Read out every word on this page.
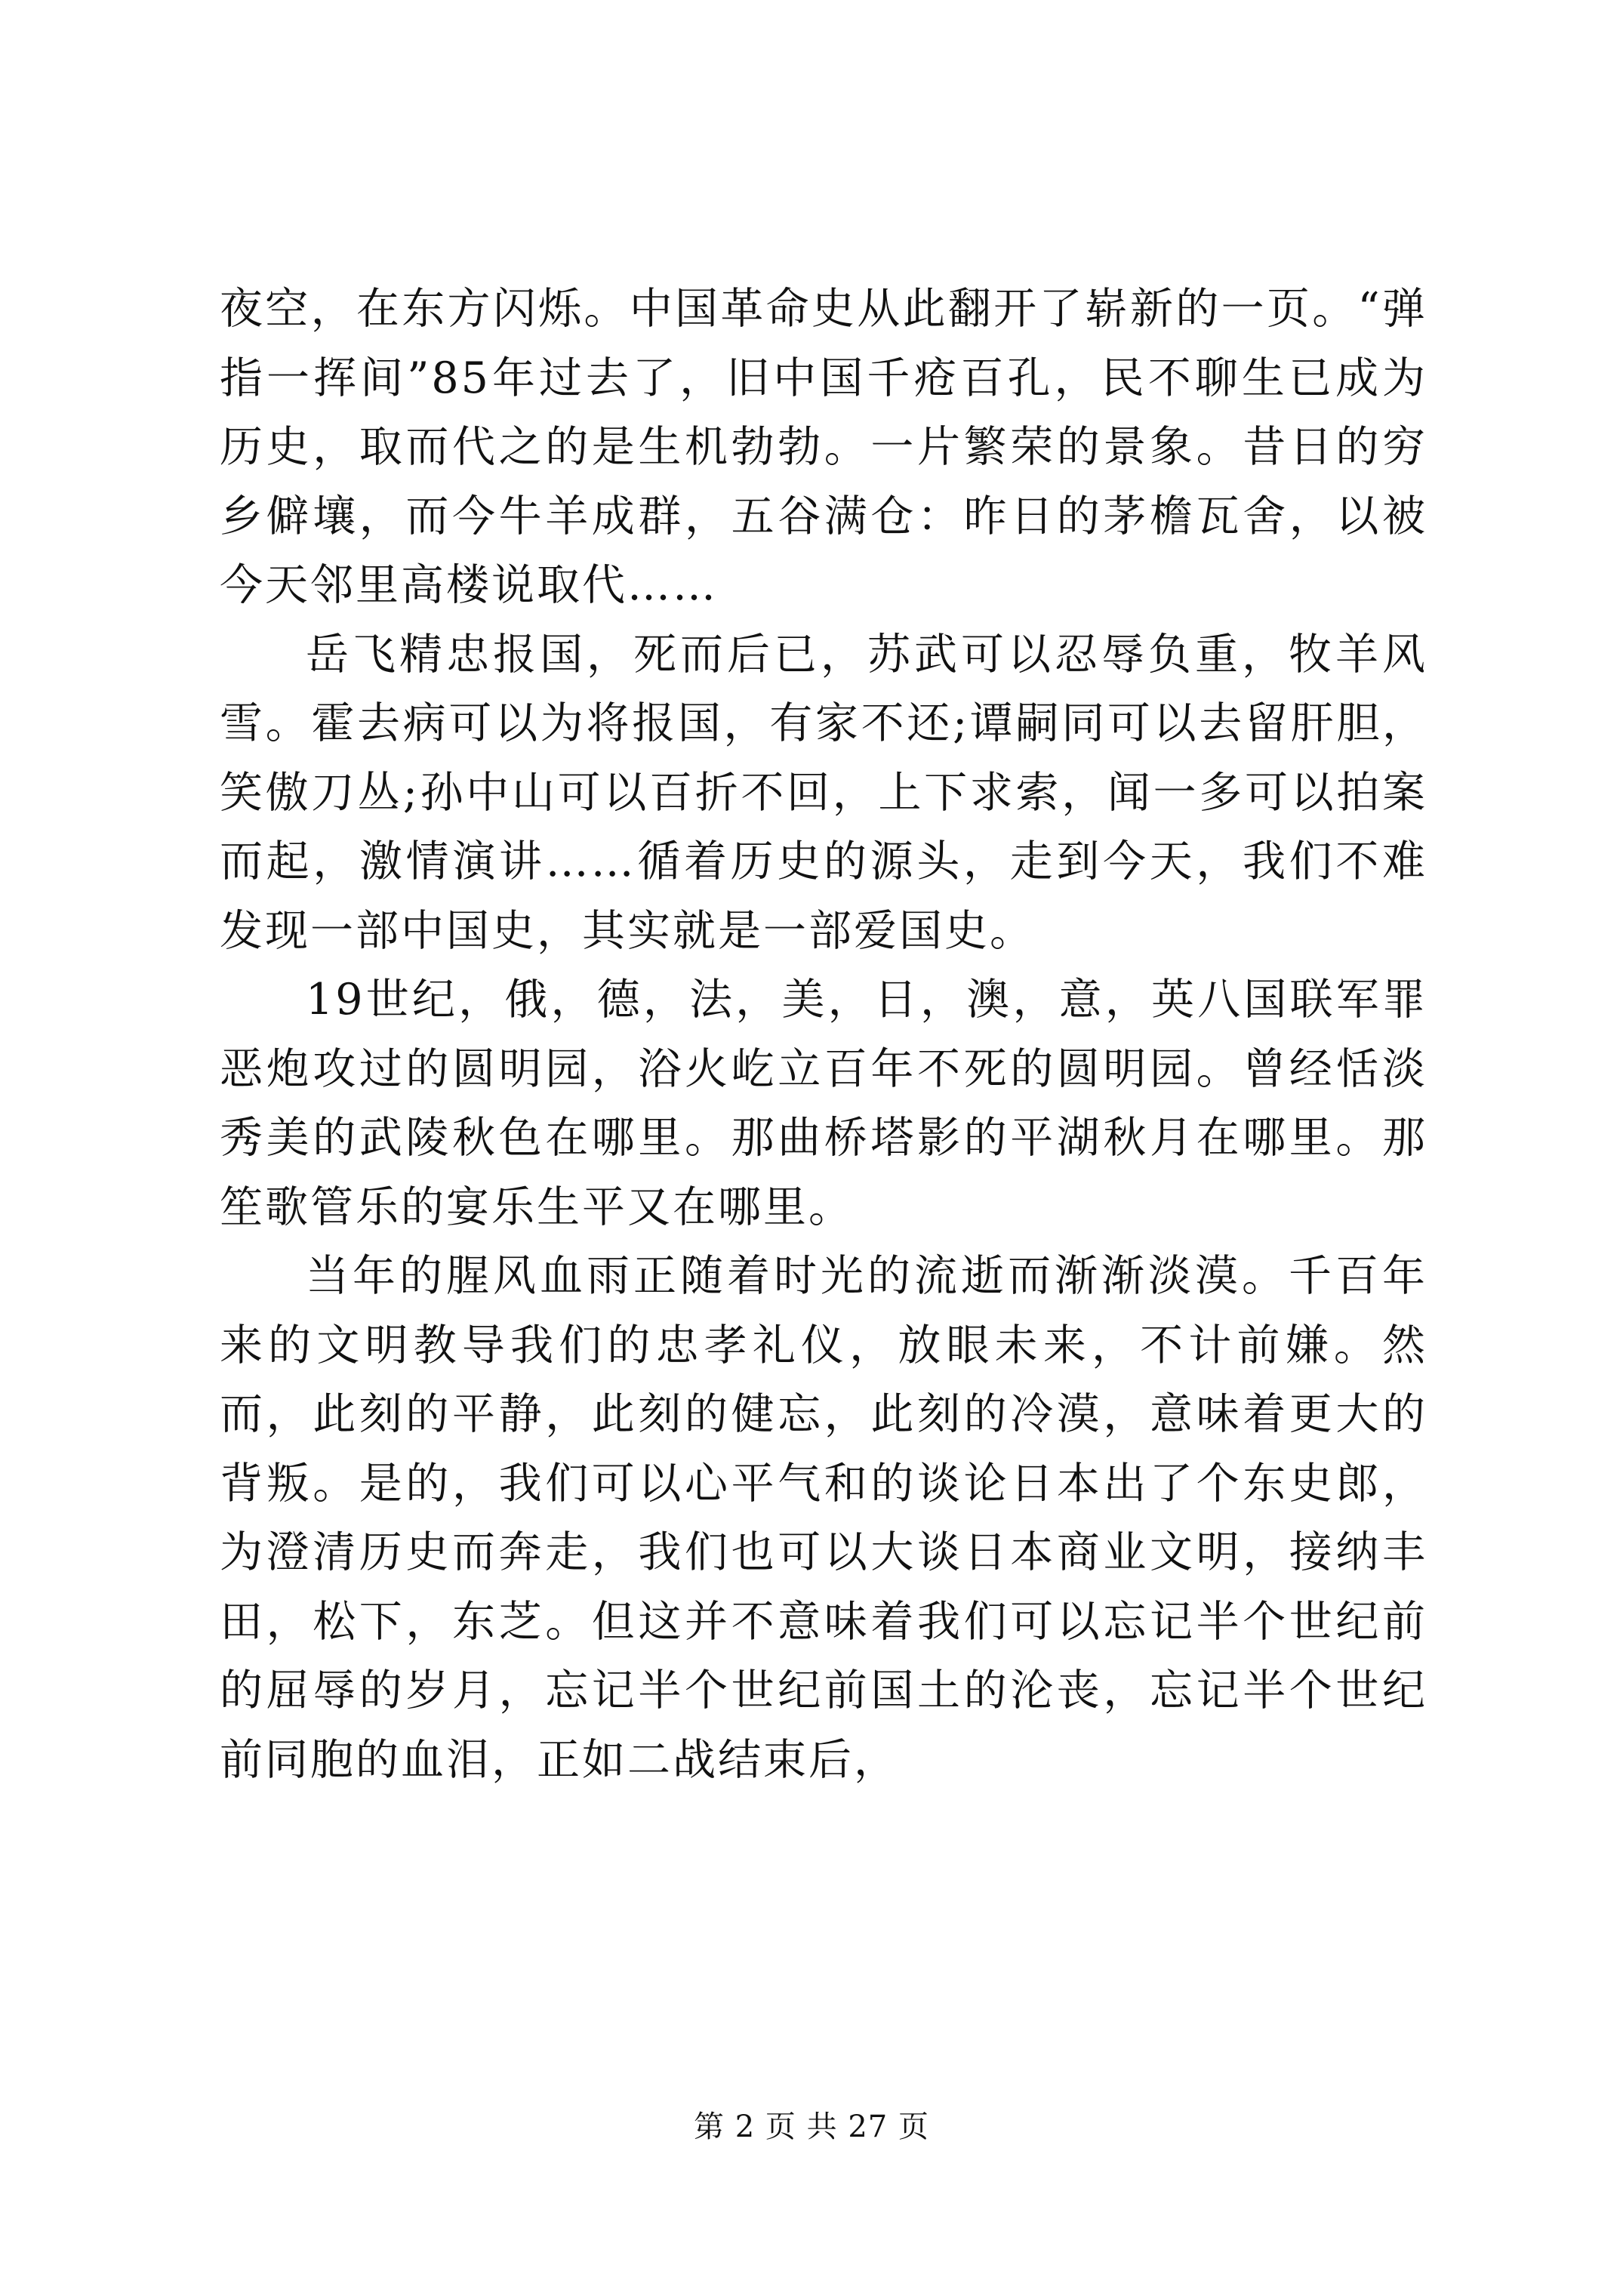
夜空，在东方闪烁。中国革命史从此翻开了崭新的一页。“弹指一挥间”85年过去了，旧中国千疮百孔，民不聊生已成为历史，取而代之的是生机勃勃。一片繁荣的景象。昔日的穷乡僻壤，而今牛羊成群，五谷满仓：昨日的茅檐瓦舍，以被今天邻里高楼说取代……

岳飞精忠报国，死而后已，苏武可以忍辱负重，牧羊风雪。霍去病可以为将报国，有家不还;谭嗣同可以去留肝胆，笑傲刀丛;孙中山可以百折不回，上下求索，闻一多可以拍案而起，激情演讲……循着历史的源头，走到今天，我们不难发现一部中国史，其实就是一部爱国史。

19世纪，俄，德，法，美，日，澳，意，英八国联军罪恶炮攻过的圆明园，浴火屹立百年不死的圆明园。曾经恬淡秀美的武陵秋色在哪里。那曲桥塔影的平湖秋月在哪里。那笙歌管乐的宴乐生平又在哪里。

当年的腥风血雨正随着时光的流逝而渐渐淡漠。千百年来的文明教导我们的忠孝礼仪，放眼未来，不计前嫌。然而，此刻的平静，此刻的健忘，此刻的冷漠，意味着更大的背叛。是的，我们可以心平气和的谈论日本出了个东史郎，为澄清历史而奔走，我们也可以大谈日本商业文明，接纳丰田，松下，东芝。但这并不意味着我们可以忘记半个世纪前的屈辱的岁月，忘记半个世纪前国土的沦丧，忘记半个世纪前同胞的血泪，正如二战结束后，

第 2 页 共 27 页
